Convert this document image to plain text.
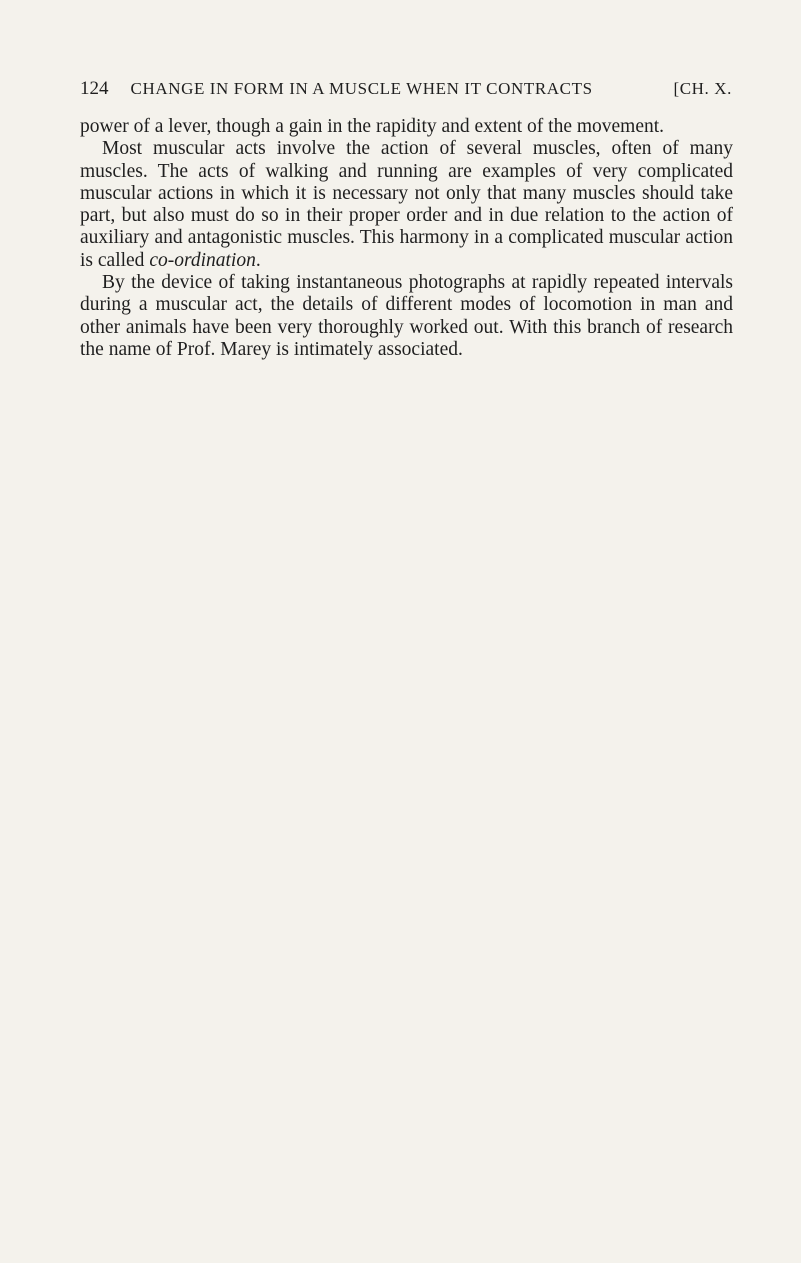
124 CHANGE IN FORM IN A MUSCLE WHEN IT CONTRACTS	[CH. X.

power of a lever, though a gain in the rapidity and extent of the movement.

Most muscular acts involve the action of several muscles, often of many muscles. The acts of walking and running are examples of very complicated muscular actions in which it is necessary not only that many muscles should take part, but also must do so in their proper order and in due relation to the action of auxiliary and antagonistic muscles. This harmony in a complicated muscular action is called co-ordination.

By the device of taking instantaneous photographs at rapidly repeated intervals during a muscular act, the details of different modes of locomotion in man and other animals have been very thoroughly worked out. With this branch of research the name of Prof. Marey is intimately associated.
